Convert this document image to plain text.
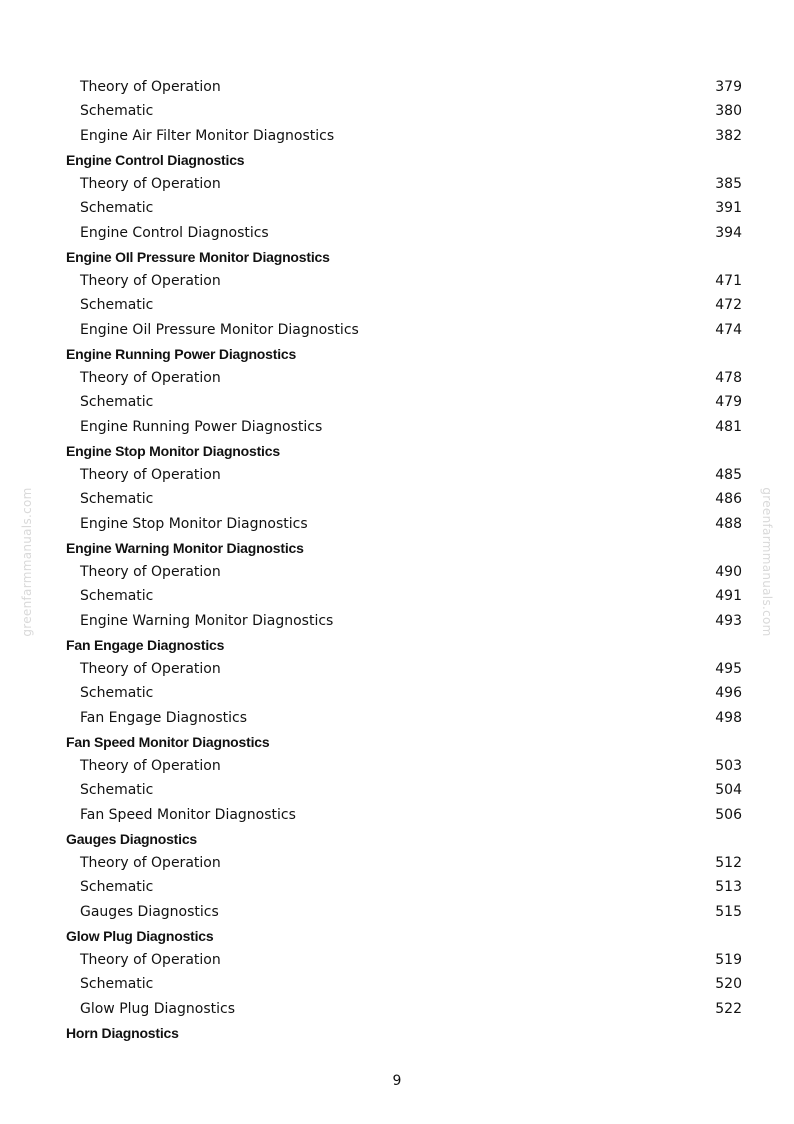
Theory of Operation	379
Schematic	380
Engine Air Filter Monitor Diagnostics	382
Engine Control Diagnostics
Theory of Operation	385
Schematic	391
Engine Control Diagnostics	394
Engine OIl Pressure Monitor Diagnostics
Theory of Operation	471
Schematic	472
Engine Oil Pressure Monitor Diagnostics	474
Engine Running Power Diagnostics
Theory of Operation	478
Schematic	479
Engine Running Power Diagnostics	481
Engine Stop Monitor Diagnostics
Theory of Operation	485
Schematic	486
Engine Stop Monitor Diagnostics	488
Engine Warning Monitor Diagnostics
Theory of Operation	490
Schematic	491
Engine Warning Monitor Diagnostics	493
Fan Engage Diagnostics
Theory of Operation	495
Schematic	496
Fan Engage Diagnostics	498
Fan Speed Monitor Diagnostics
Theory of Operation	503
Schematic	504
Fan Speed Monitor Diagnostics	506
Gauges Diagnostics
Theory of Operation	512
Schematic	513
Gauges Diagnostics	515
Glow Plug Diagnostics
Theory of Operation	519
Schematic	520
Glow Plug Diagnostics	522
Horn Diagnostics
greenfarmmanuals.com	greenfarmmanuals.com
9
